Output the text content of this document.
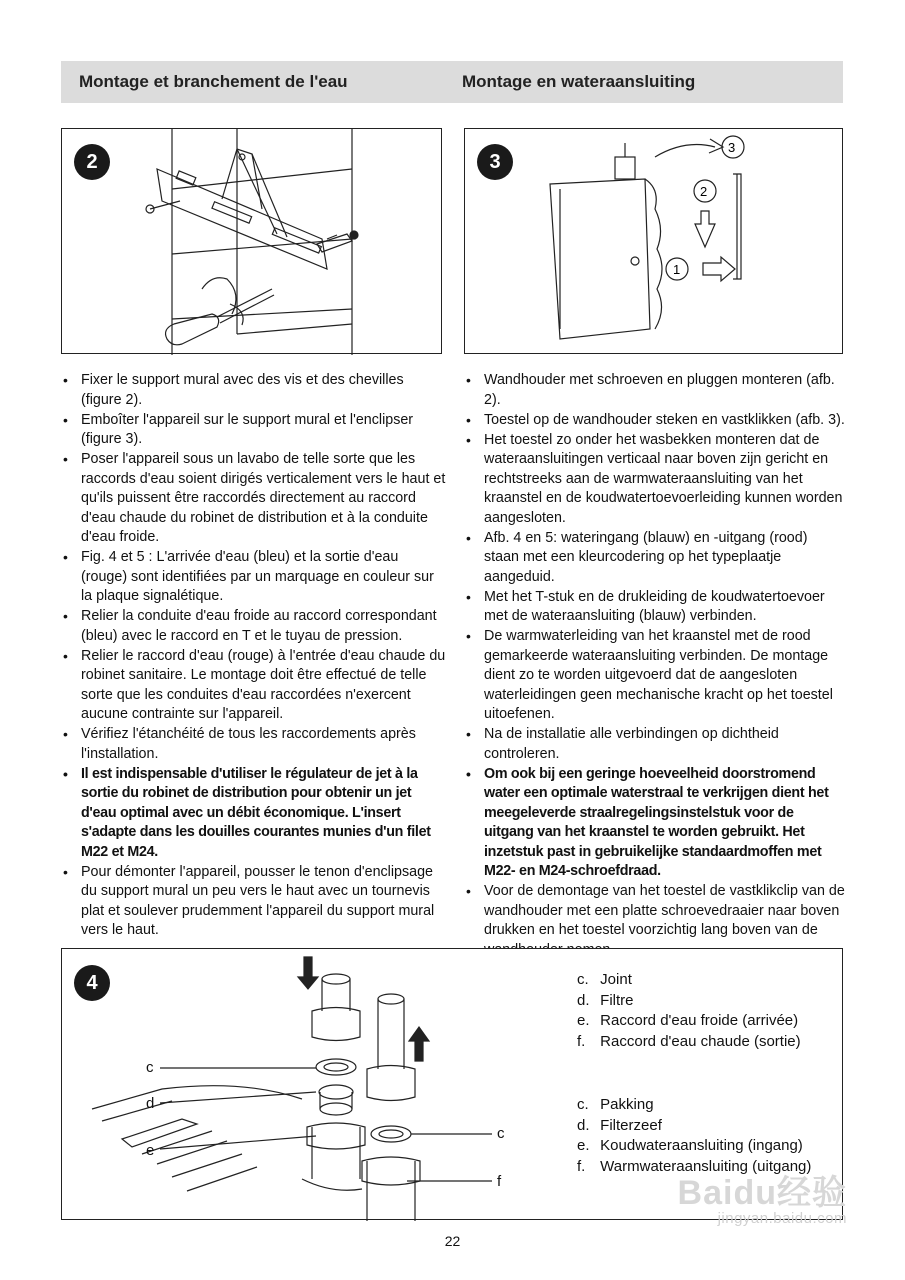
Montage et branchement de l'eau	Montage en wateraansluiting
2	3
3
2
1
• Fixer le support mural avec des vis et des chevilles (figure 2).
• Emboîter l'appareil sur le support mural et l'enclipser (figure 3).
• Poser l'appareil sous un lavabo de telle sorte que les raccords d'eau soient dirigés verticalement vers le haut et qu'ils puissent être raccordés directement au raccord d'eau chaude du robinet de distribution et à la conduite d'eau froide.
• Fig. 4 et 5 : L'arrivée d'eau (bleu) et la sortie d'eau (rouge) sont identifiées par un marquage en couleur sur la plaque signalétique.
• Relier la conduite d'eau froide au raccord correspondant (bleu) avec le raccord en T et le tuyau de pression.
• Relier le raccord d'eau (rouge) à l'entrée d'eau chaude du robinet sanitaire. Le montage doit être effectué de telle sorte que les conduites d'eau raccordées n'exercent aucune contrainte sur l'appareil.
• Vérifiez l'étanchéité de tous les raccordements après l'installation.
• Il est indispensable d'utiliser le régulateur de jet à la sortie du robinet de distribution pour obtenir un jet d'eau optimal avec un débit économique. L'insert s'adapte dans les douilles courantes munies d'un filet M22 et M24.
• Pour démonter l'appareil, pousser le tenon d'enclipsage du support mural un peu vers le haut avec un tournevis plat et soulever prudemment l'appareil du support mural vers le haut.
• Wandhouder met schroeven en pluggen monteren (afb. 2).
• Toestel op de wandhouder steken en vastklikken (afb. 3).
• Het toestel zo onder het wasbekken monteren dat de wateraansluitingen verticaal naar boven zijn gericht en rechtstreeks aan de warmwateraansluiting van het kraanstel en de koudwatertoevoerleiding kunnen worden aangesloten.
• Afb. 4 en 5: wateringang (blauw) en -uitgang (rood) staan met een kleurcodering op het typeplaatje aangeduid.
• Met het T-stuk en de drukleiding de koudwatertoevoer met de wateraansluiting (blauw) verbinden.
• De warmwaterleiding van het kraanstel met de rood gemarkeerde wateraansluiting verbinden. De montage dient zo te worden uitgevoerd dat de aangesloten waterleidingen geen mechanische kracht op het toestel uitoefenen.
• Na de installatie alle verbindingen op dichtheid controleren.
• Om ook bij een geringe hoeveelheid doorstromend water een optimale waterstraal te verkrijgen dient het meegeleverde straalregelingsinstelstuk voor de uitgang van het kraanstel te worden gebruikt. Het inzetstuk past in gebruikelijke standaardmoffen met M22- en M24-schroefdraad.
• Voor de demontage van het toestel de vastklikclip van de wandhouder met een platte schroevedraaier naar boven drukken en het toestel voorzichtig lang boven van de
4
c
d
e
c
f
c. Joint
d. Filtre
e. Raccord d'eau froide (arrivée)
f. Raccord d'eau chaude (sortie)
c. Pakking
d. Filterzeef
e. Koudwateraansluiting (ingang)
f. Warmwateraansluiting (uitgang)
Baidu经验
jingyan.baidu.com
22
